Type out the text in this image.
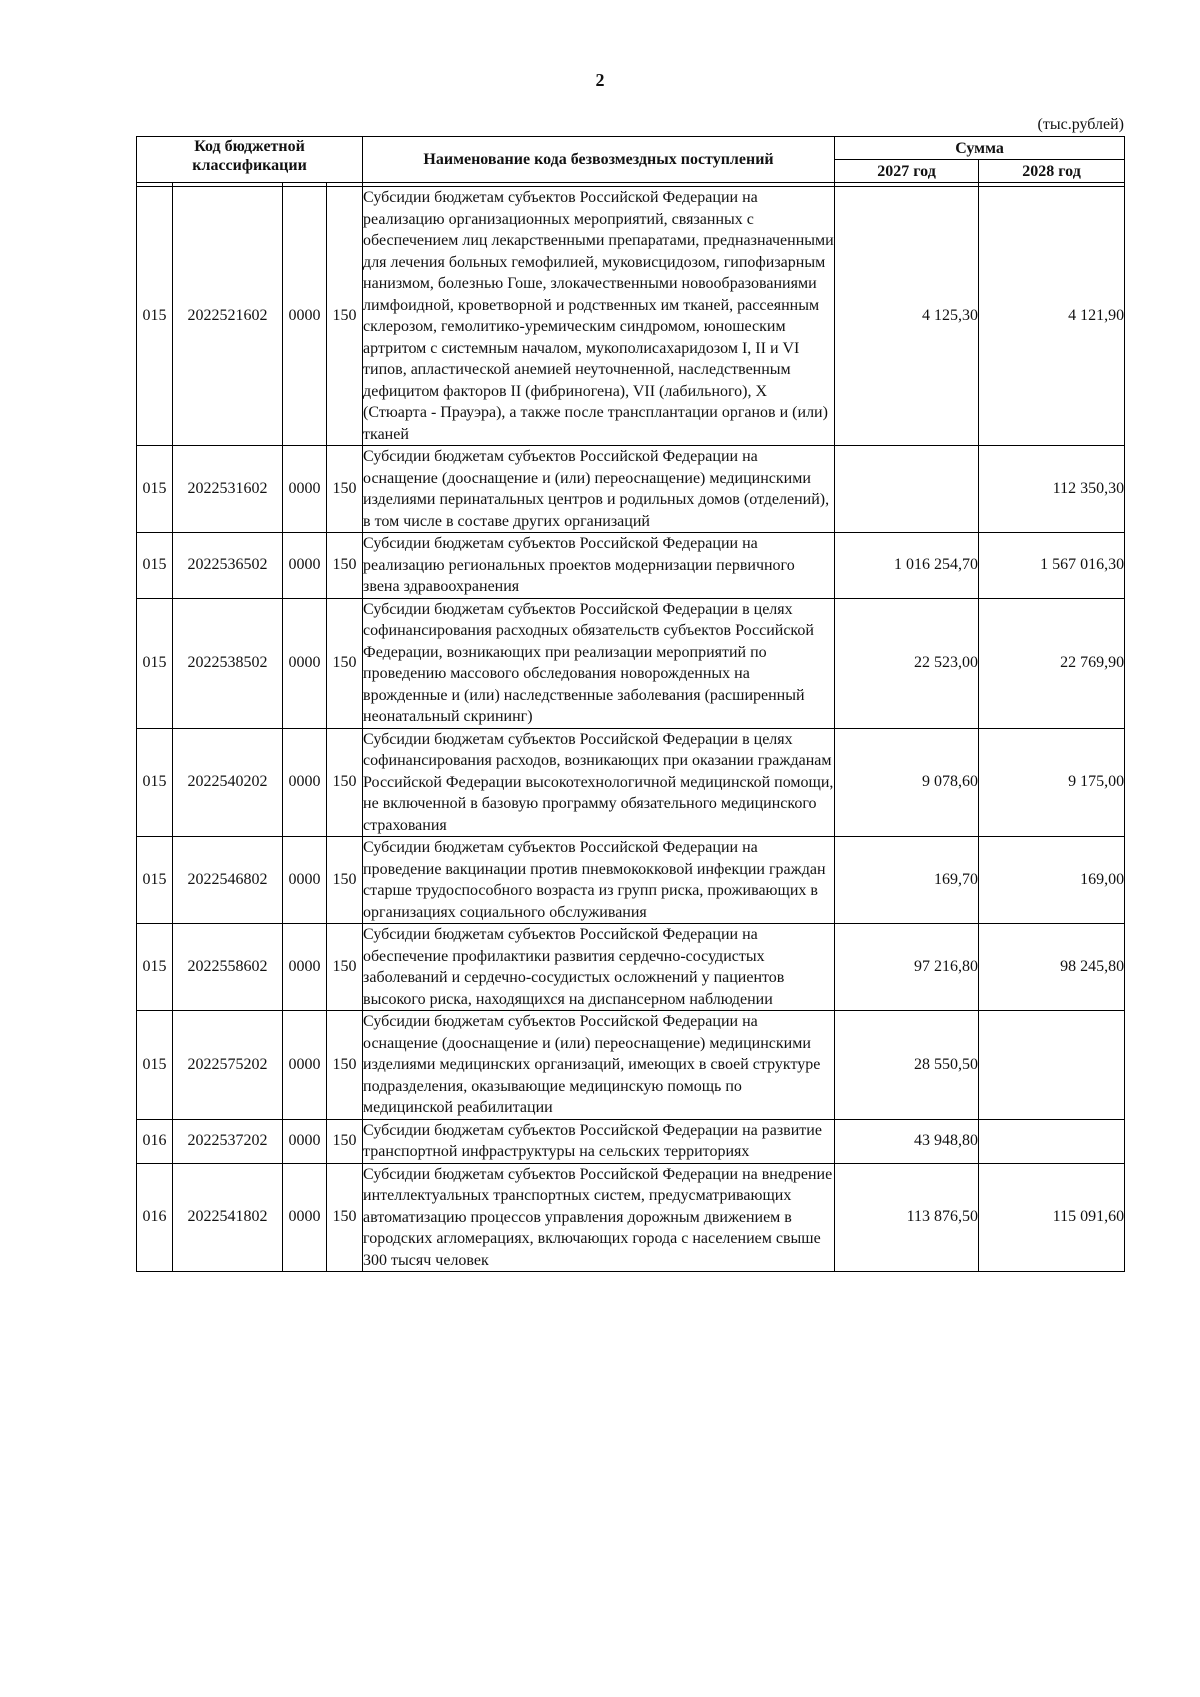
2
(тыс.рублей)
Код бюджетной классификации				Наименование кода безвозмездных поступлений	Сумма	
					2027 год	2028 год

015	2022521602	0000	150	Субсидии бюджетам субъектов Российской Федерации на реализацию организационных мероприятий, связанных с обеспечением лиц лекарственными препаратами, предназначенными для лечения больных гемофилией, муковисцидозом, гипофизарным нанизмом, болезнью Гоше, злокачественными новообразованиями лимфоидной, кроветворной и родственных им тканей, рассеянным склерозом, гемолитико-уремическим синдромом, юношеским артритом с системным началом, мукополисахаридозом I, II и VI типов, апластической анемией неуточненной, наследственным дефицитом факторов II (фибриногена), VII (лабильного), X (Стюарта - Прауэра), а также после трансплантации органов и (или) тканей	4 125,30	4 121,90
015	2022531602	0000	150	Субсидии бюджетам субъектов Российской Федерации на оснащение (дооснащение и (или) переоснащение) медицинскими изделиями перинатальных центров и родильных домов (отделений), в том числе в составе других организаций		112 350,30
015	2022536502	0000	150	Субсидии бюджетам субъектов Российской Федерации на реализацию региональных проектов модернизации первичного звена здравоохранения	1 016 254,70	1 567 016,30
015	2022538502	0000	150	Субсидии бюджетам субъектов Российской Федерации в целях софинансирования расходных обязательств субъектов Российской Федерации, возникающих при реализации мероприятий по проведению массового обследования новорожденных на врожденные и (или) наследственные заболевания (расширенный неонатальный скрининг)	22 523,00	22 769,90
015	2022540202	0000	150	Субсидии бюджетам субъектов Российской Федерации в целях софинансирования расходов, возникающих при оказании гражданам Российской Федерации высокотехнологичной медицинской помощи, не включенной в базовую программу обязательного медицинского страхования	9 078,60	9 175,00
015	2022546802	0000	150	Субсидии бюджетам субъектов Российской Федерации на проведение вакцинации против пневмококковой инфекции граждан старше трудоспособного возраста из групп риска, проживающих в организациях социального обслуживания	169,70	169,00
015	2022558602	0000	150	Субсидии бюджетам субъектов Российской Федерации на обеспечение профилактики развития сердечно-сосудистых заболеваний и сердечно-сосудистых осложнений у пациентов высокого риска, находящихся на диспансерном наблюдении	97 216,80	98 245,80
015	2022575202	0000	150	Субсидии бюджетам субъектов Российской Федерации на оснащение (дооснащение и (или) переоснащение) медицинскими изделиями медицинских организаций, имеющих в своей структуре подразделения, оказывающие медицинскую помощь по медицинской реабилитации	28 550,50	
016	2022537202	0000	150	Субсидии бюджетам субъектов Российской Федерации на развитие транспортной инфраструктуры на сельских территориях	43 948,80	
016	2022541802	0000	150	Субсидии бюджетам субъектов Российской Федерации на внедрение интеллектуальных транспортных систем, предусматривающих автоматизацию процессов управления дорожным движением в городских агломерациях, включающих города с населением свыше 300 тысяч человек	113 876,50	115 091,60
